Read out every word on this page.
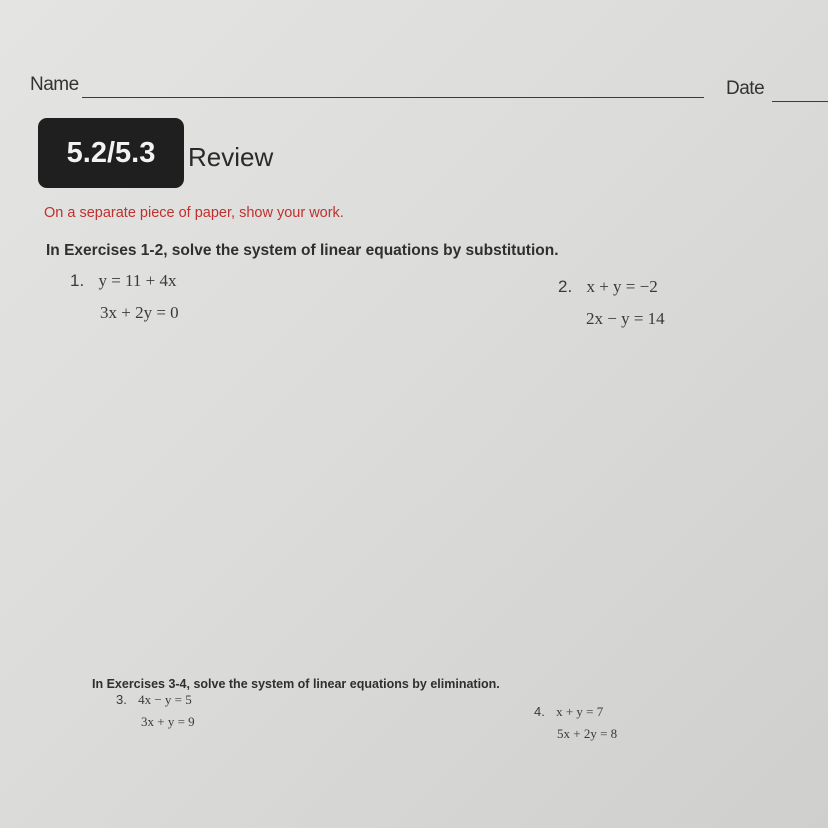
Name	Date
5.2/5.3 Review
On a separate piece of paper, show your work.
In Exercises 1-2, solve the system of linear equations by substitution.
1. y = 11 + 4x
3x + 2y = 0
2. x + y = −2
2x − y = 14
In Exercises 3-4, solve the system of linear equations by elimination.
3. 4x − y = 5
3x + y = 9
4. x + y = 7
5x + 2y = 8
